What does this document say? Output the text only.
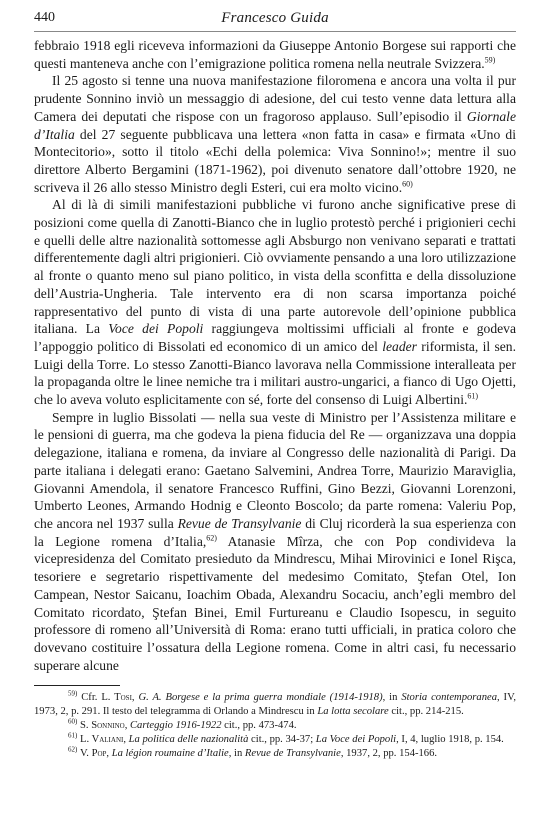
440	Francesco Guida

febbraio 1918 egli riceveva informazioni da Giuseppe Antonio Borgese sui rapporti che questi manteneva anche con l’emigrazione politica romena nella neutrale Svizzera.$^{59)}$

Il 25 agosto si tenne una nuova manifestazione filoromena e ancora una volta il pur prudente Sonnino inviò un messaggio di adesione, del cui testo venne data lettura alla Camera dei deputati che rispose con un fragoroso applauso. Sull’episodio il Giornale d’Italia del 27 seguente pubblicava una lettera «non fatta in casa» e firmata «Uno di Montecitorio», sotto il titolo «Echi della polemica: Viva Sonnino!»; mentre il suo direttore Alberto Bergamini (1871-1962), poi divenuto senatore dall’ottobre 1920, ne scriveva il 26 allo stesso Ministro degli Esteri, cui era molto vicino.$^{60)}$

Al di là di simili manifestazioni pubbliche vi furono anche significative prese di posizioni come quella di Zanotti-Bianco che in luglio protestò perché i prigionieri cechi e quelli delle altre nazionalità sottomesse agli Absburgo non venivano separati e trattati differentemente dagli altri prigionieri. Ciò ovviamente pensando a una loro utilizzazione al fronte o quanto meno sul piano politico, in vista della sconfitta e della dissoluzione dell’Austria-Ungheria. Tale intervento era di non scarsa importanza poiché rappresentativo del punto di vista di una parte autorevole dell’opinione pubblica italiana. La Voce dei Popoli raggiungeva moltissimi ufficiali al fronte e godeva l’appoggio politico di Bissolati ed economico di un amico del leader riformista, il sen. Luigi della Torre. Lo stesso Zanotti-Bianco lavorava nella Commissione interalleata per la propaganda oltre le linee nemiche tra i militari austro-ungarici, a fianco di Ugo Ojetti, che lo aveva voluto esplicitamente con sé, forte del consenso di Luigi Albertini.$^{61)}$

Sempre in luglio Bissolati — nella sua veste di Ministro per l’Assistenza militare e le pensioni di guerra, ma che godeva la piena fiducia del Re — organizzava una doppia delegazione, italiana e romena, da inviare al Congresso delle nazionalità di Parigi. Da parte italiana i delegati erano: Gaetano Salvemini, Andrea Torre, Maurizio Maraviglia, Giovanni Amendola, il senatore Francesco Ruffini, Gino Bezzi, Giovanni Lorenzoni, Umberto Leones, Armando Hodnig e Cleonto Boscolo; da parte romena: Valeriu Pop, che ancora nel 1937 sulla Revue de Transylvanie di Cluj ricorderà la sua esperienza con la Legione romena d’Italia,$^{62)}$ Atanasie Mîrza, che con Pop condivideva la vicepresidenza del Comitato presieduto da Mindrescu, Mihai Mirovinici e Ionel Rişca, tesoriere e segretario rispettivamente del medesimo Comitato, Ştefan Otel, Ion Campean, Nestor Saicanu, Ioachim Obada, Alexandru Socaciu, anch’egli membro del Comitato ricordato, Ştefan Binei, Emil Furtureanu e Claudio Isopescu, in seguito professore di romeno all’Università di Roma: erano tutti ufficiali, in pratica coloro che dovevano costituire l’ossatura della Legione romena. Come in altri casi, fu necessario superare alcune

$^{59)}$ Cfr. L. Tosi, G. A. Borgese e la prima guerra mondiale (1914-1918), in Storia contemporanea, IV, 1973, 2, p. 291. Il testo del telegramma di Orlando a Mindrescu in La lotta secolare cit., pp. 214-215.

$^{60)}$ S. Sonnino, Carteggio 1916-1922 cit., pp. 473-474.

$^{61)}$ L. Valiani, La politica delle nazionalità cit., pp. 34-37; La Voce dei Popoli, I, 4, luglio 1918, p. 154.

$^{62)}$ V. Pop, La légion roumaine d’Italie, in Revue de Transylvanie, 1937, 2, pp. 154-166.
